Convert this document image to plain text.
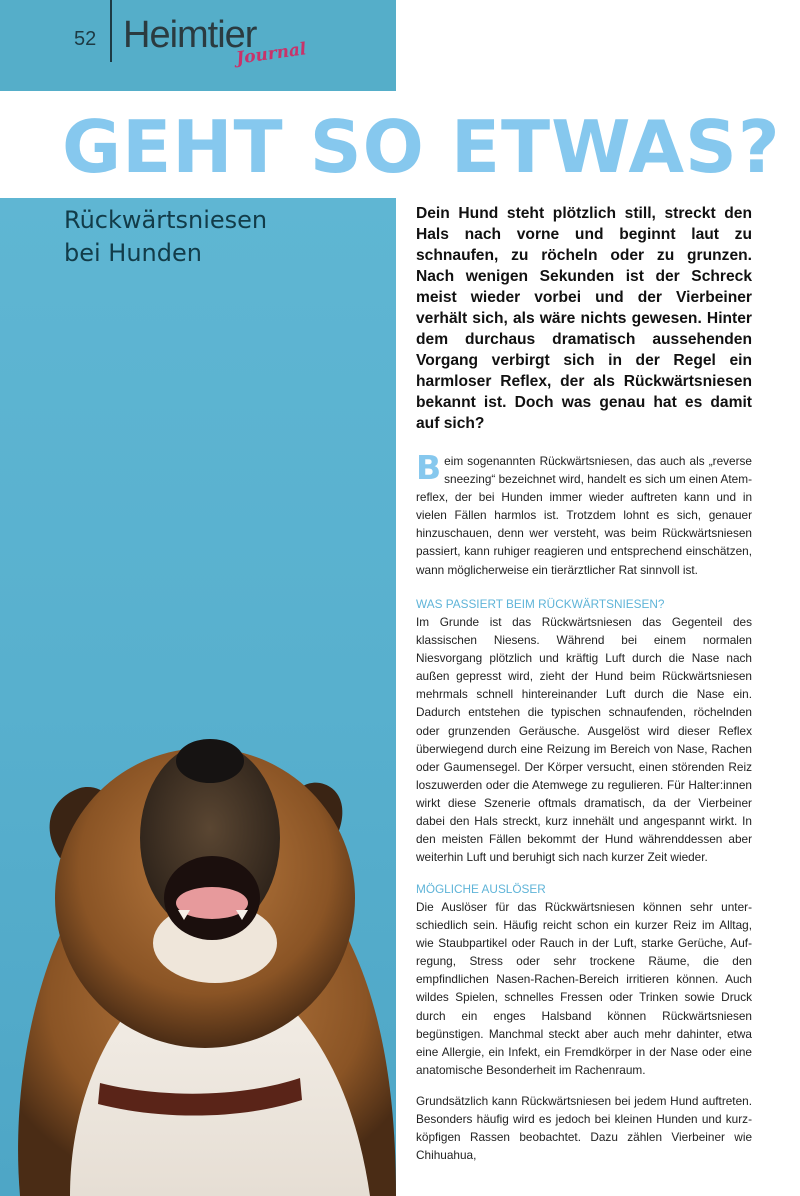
52 Heimtier
Journal
GEHT SO ETWAS?
Rückwärtsniesen
bei Hunden

Dein Hund steht plötzlich still, streckt den Hals nach vorne und beginnt laut zu schnaufen, zu röcheln oder zu grunzen. Nach wenigen Sekunden ist der Schreck meist wieder vorbei und der Vierbeiner verhält sich, als wäre nichts gewesen. Hinter dem durchaus dramatisch aussehenden Vorgang verbirgt sich in der Regel ein harmloser Reflex, der als Rückwärtsniesen bekannt ist. Doch was genau hat es damit auf sich?

Beim sogenannten Rückwärtsniesen, das auch als „reverse sneezing“ bezeichnet wird, handelt es sich um einen Atemreflex, der bei Hunden immer wieder auftreten kann und in vielen Fällen harmlos ist. Trotzdem lohnt es sich, genauer hinzuschauen, denn wer versteht, was beim Rückwärtsniesen passiert, kann ruhiger reagieren und entsprechend einschätzen, wann möglicherweise ein tierärztlicher Rat sinnvoll ist.

WAS PASSIERT BEIM RÜCKWÄRTSNIESEN?

Im Grunde ist das Rückwärtsniesen das Gegenteil des klassischen Niesens. Während bei einem normalen Niesvorgang plötzlich und kräftig Luft durch die Nase nach außen gepresst wird, zieht der Hund beim Rückwärtsniesen mehrmals schnell hintereinander Luft durch die Nase ein. Dadurch entstehen die typischen schnaufenden, röchelnden oder grunzenden Geräusche. Ausgelöst wird dieser Reflex überwiegend durch eine Reizung im Bereich von Nase, Rachen oder Gaumensegel. Der Körper versucht, einen störenden Reiz loszuwerden oder die Atemwege zu regulieren. Für Halter:innen wirkt diese Szenerie oftmals dramatisch, da der Vierbeiner dabei den Hals streckt, kurz innehält und angespannt wirkt. In den meisten Fällen bekommt der Hund währenddessen aber weiterhin Luft und beruhigt sich nach kurzer Zeit wieder.

MÖGLICHE AUSLÖSER

Die Auslöser für das Rückwärtsniesen können sehr unterschiedlich sein. Häufig reicht schon ein kurzer Reiz im Alltag, wie Staubpartikel oder Rauch in der Luft, starke Gerüche, Aufregung, Stress oder sehr trockene Räume, die den empfindlichen Nasen-Rachen-Bereich irritieren können. Auch wildes Spielen, schnelles Fressen oder Trinken sowie Druck durch ein enges Halsband können Rückwärtsniesen begünstigen. Manchmal steckt aber auch mehr dahinter, etwa eine Allergie, ein Infekt, ein Fremdkörper in der Nase oder eine anatomische Besonderheit im Rachenraum.

Grundsätzlich kann Rückwärtsniesen bei jedem Hund auftreten. Besonders häufig wird es jedoch bei kleinen Hunden und kurzköpfigen Rassen beobachtet. Dazu zählen Vierbeiner wie Chihuahua,
